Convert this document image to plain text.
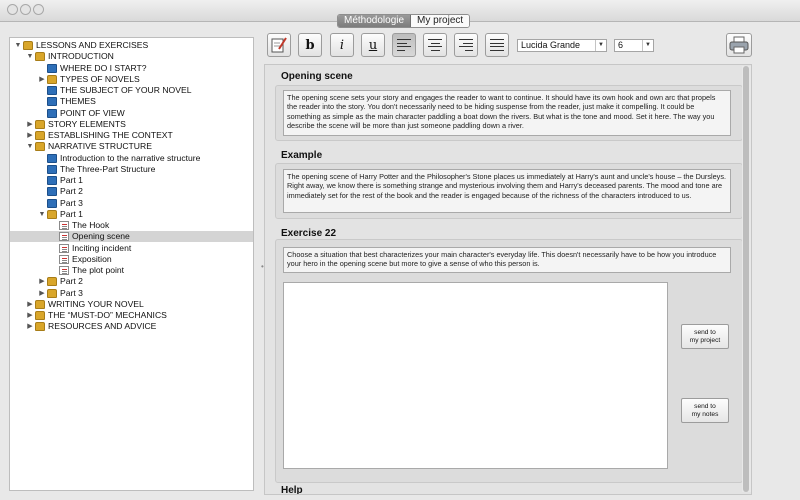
Méthodologie	My project
▼ LESSONS AND EXERCISES
▼ INTRODUCTION
WHERE DO I START?
▶ TYPES OF NOVELS
THE SUBJECT OF YOUR NOVEL
THEMES
POINT OF VIEW
▶ STORY ELEMENTS
▶ ESTABLISHING THE CONTEXT
▼ NARRATIVE STRUCTURE
Introduction to the narrative structure
The Three-Part Structure
Part 1
Part 2
Part 3
▼ Part 1
The Hook
Opening scene
Inciting incident
Exposition
The plot point
▶ Part 2
▶ Part 3
▶ WRITING YOUR NOVEL
▶ THE “MUST-DO” MECHANICS
▶ RESOURCES AND ADVICE
•
b i u	Lucida Grande	▼	6	▼
Opening scene
The opening scene sets your story and engages the reader to want to continue. It should have its own hook and own arc that propels the reader into the story. You don't necessarily need to be hiding suspense from the reader, just make it compelling. It could be something as simple as the main character paddling a boat down the rivers. But what is the tone and mood. Set it here. The way you describe the scene will be more than just someone paddling down a river.
Example
The opening scene of Harry Potter and the Philosopher's Stone places us immediately at Harry's aunt and uncle's house – the Dursleys. Right away, we know there is something strange and mysterious involving them and Harry's deceased parents. The mood and tone are immediately set for the rest of the book and the reader is engaged because of the richness of the characters introduced to us.
Exercise 22
Choose a situation that best characterizes your main character's everyday life. This doesn't necessarily have to be how you introduce your hero in the opening scene but more to give a sense of who this person is.
send to
my project
send to
my notes
Help
